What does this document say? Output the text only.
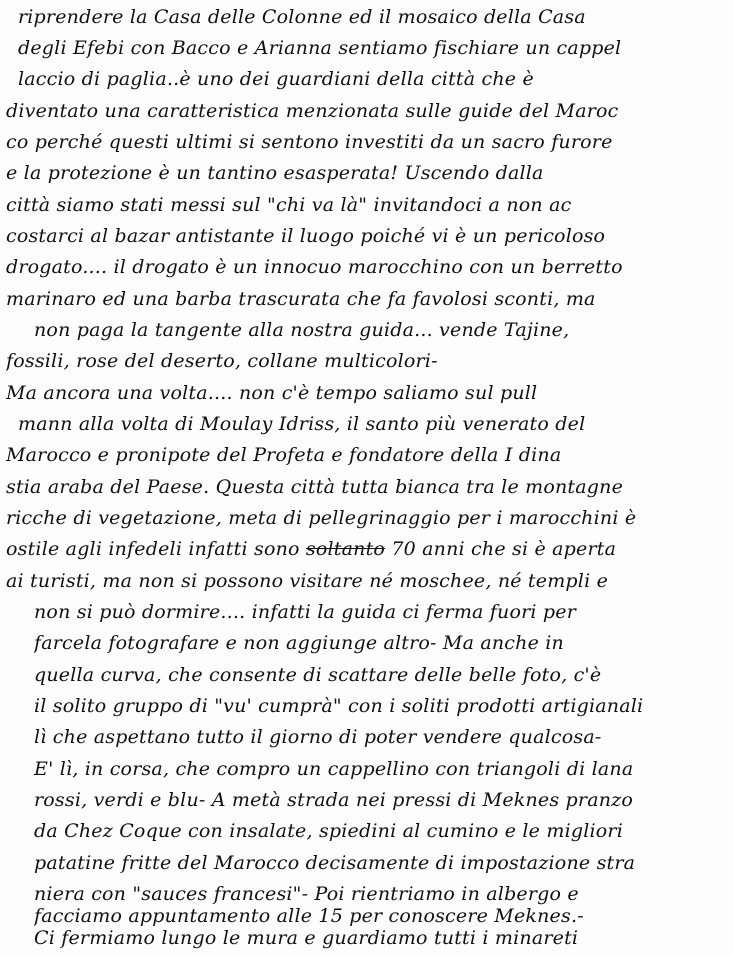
riprendere la Casa delle Colonne ed il mosaico della Casa
degli Efebi con Bacco e Arianna sentiamo fischiare un cappel
laccio di paglia..è uno dei guardiani della città che è
diventato una caratteristica menzionata sulle guide del Maroc
co perché questi ultimi si sentono investiti da un sacro furore
e la protezione è un tantino esasperata! Uscendo dalla
città siamo stati messi sul "chi va là" invitandoci a non ac
costarci al bazar antistante il luogo poiché vi è un pericoloso
drogato.... il drogato è un innocuo marocchino con un berretto
marinaro ed una barba trascurata che fa favolosi sconti, ma
non paga la tangente alla nostra guida... vende Tajine,
fossili, rose del deserto, collane multicolori-
Ma ancora una volta.... non c'è tempo saliamo sul pull
mann alla volta di Moulay Idriss, il santo più venerato del
Marocco e pronipote del Profeta e fondatore della I dina
stia araba del Paese. Questa città tutta bianca tra le montagne
ricche di vegetazione, meta di pellegrinaggio per i marocchini è
ostile agli infedeli infatti sono soltanto 70 anni che si è aperta
ai turisti, ma non si possono visitare né moschee, né templi e
non si può dormire.... infatti la guida ci ferma fuori per
farcela fotografare e non aggiunge altro- Ma anche in
quella curva, che consente di scattare delle belle foto, c'è
il solito gruppo di "vu' cumprà" con i soliti prodotti artigianali
lì che aspettano tutto il giorno di poter vendere qualcosa-
E' lì, in corsa, che compro un cappellino con triangoli di lana
rossi, verdi e blu- A metà strada nei pressi di Meknes pranzo
da Chez Coque con insalate, spiedini al cumino e le migliori
patatine fritte del Marocco decisamente di impostazione stra
niera con "sauces francesi"- Poi rientriamo in albergo e
facciamo appuntamento alle 15 per conoscere Meknes.-
Ci fermiamo lungo le mura e guardiamo tutti i minareti
